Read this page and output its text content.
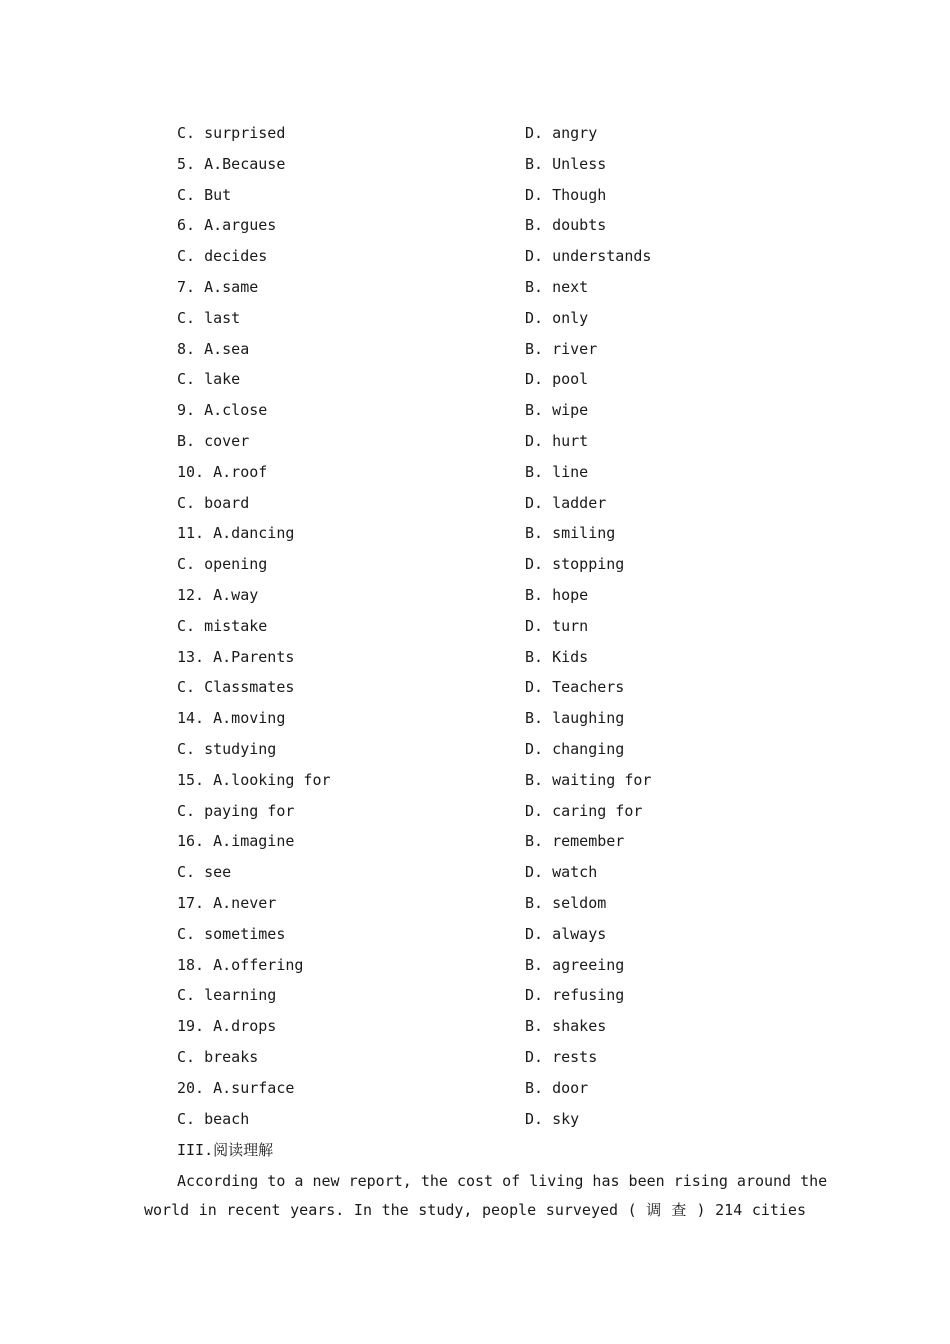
C. surprised	D. angry
5. A.Because	B. Unless
C. But	D. Though
6. A.argues	B. doubts
C. decides	D. understands
7. A.same	B. next
C. last	D. only
8. A.sea	B. river
C. lake	D. pool
9. A.close	B. wipe
B. cover	D. hurt
10. A.roof	B. line
C. board	D. ladder
11. A.dancing	B. smiling
C. opening	D. stopping
12. A.way	B. hope
C. mistake	D. turn
13. A.Parents	B. Kids
C. Classmates	D. Teachers
14. A.moving	B. laughing
C. studying	D. changing
15. A.looking for	B. waiting for
C. paying for	D. caring for
16. A.imagine	B. remember
C. see	D. watch
17. A.never	B. seldom
C. sometimes	D. always
18. A.offering	B. agreeing
C. learning	D. refusing
19. A.drops	B. shakes
C. breaks	D. rests
20. A.surface	B. door
C. beach	D. sky
III.阅读理解
According to a new report, the cost of living has been rising around the
world in recent years. In the study, people surveyed ( 调 查 ) 214 cities
